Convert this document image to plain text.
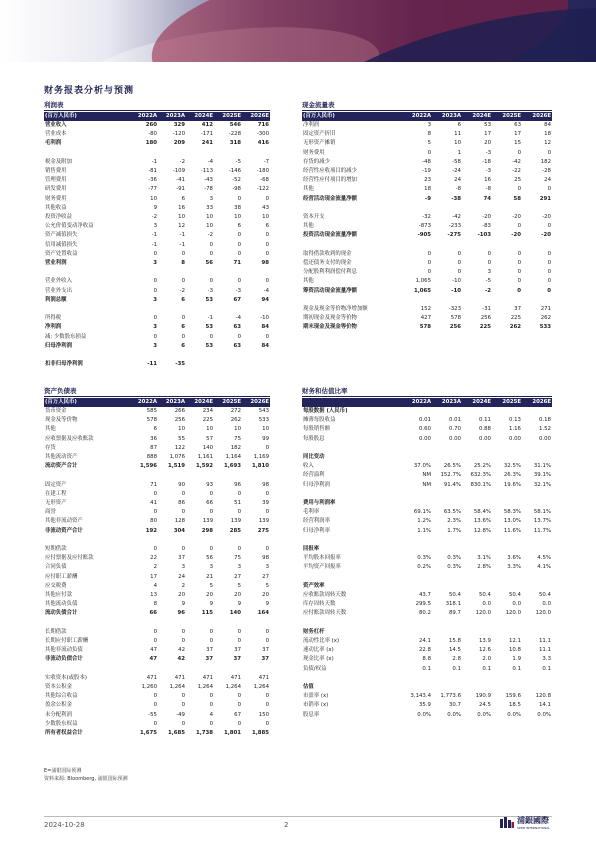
财务报表分析与预测
利润表
(百万人民币)	2022A	2023A	2024E	2025E	2026E
营业收入	260	329	412	546	716
营业成本	-80	-120	-171	-228	-300
毛利润	180	209	241	318	416

税金及附加	-1	-2	-4	-5	-7
销售费用	-81	-109	-113	-146	-180
管理费用	-36	-41	-43	-52	-68
研发费用	-77	-91	-78	-98	-122
财务费用	10	6	3	0	0
其他收益	9	16	33	38	43
投资净收益	-2	10	10	10	10
公允价值变动净收益	3	12	10	6	6
资产减值损失	-1	-1	-2	0	0
信用减值损失	-1	-1	0	0	0
资产处置收益	0	0	0	0	0
营业利润	3	8	56	71	98

营业外收入	0	0	0	0	0
营业外支出	0	-2	-3	-3	-4
利润总额	3	6	53	67	94

所得税	0	0	-1	-4	-10
净利润	3	6	53	63	84
减: 少数股东损益	0	0	0	0	0
归母净利润	3	6	53	63	84

扣非归母净利润	-11	-35			
现金流量表
(百万人民币)	2022A	2023A	2024E	2025E	2026E
净利润	3	6	53	63	84
固定资产折旧	8	11	17	17	18
无形资产摊销	5	10	20	15	12
财务费用	0	1	-3	0	0
存货的减少	-48	-58	-18	-42	182
经营性应收项目的减少	-19	-24	-3	-22	-28
经营性应付项目的增加	23	24	16	25	24
其他	18	-8	-8	0	0
经营活动现金流量净额	-9	-38	74	58	291

资本开支	-32	-42	-20	-20	-20
其他	-873	-233	-83	0	0
投资活动现金流量净额	-905	-275	-103	-20	-20

取得借款收到的现金	0	0	0	0	0
偿还债务支付的现金	0	0	0	0	0
分配股利利润偿付利息	0	0	3	0	0
其他	1,065	-10	-5	0	0
筹资活动现金流量净额	1,065	-10	-2	0	0

现金及现金等价物净增加额	152	-323	-31	37	271
期初现金及现金等价物	427	578	256	225	262
期末现金及现金等价物	578	256	225	262	533
资产负债表
(百万人民币)	2022A	2023A	2024E	2025E	2026E
货币资金	585	266	234	272	543
现金及等价物	578	256	225	262	533
其他	6	10	10	10	10
应收票据及应收账款	36	55	57	75	99
存货	87	122	140	182	0
其他流动资产	888	1,076	1,161	1,164	1,169
流动资产合计	1,596	1,519	1,592	1,693	1,810

固定资产	71	90	93	96	98
在建工程	0	0	0	0	0
无形资产	41	86	66	51	39
商誉	0	0	0	0	0
其他非流动资产	80	128	139	139	139
非流动资产合计	192	304	298	285	275

短期借款	0	0	0	0	0
应付票据及应付账款	22	37	56	75	98
合同负债	2	3	3	3	3
应付职工薪酬	17	24	21	27	27
应交税费	4	2	5	5	5
其他应付款	13	20	20	20	20
其他流动负债	8	9	9	9	9
流动负债合计	66	96	115	140	164

长期借款	0	0	0	0	0
长期应付职工薪酬	0	0	0	0	0
其他非流动负债	47	42	37	37	37
非流动负债合计	47	42	37	37	37

实收资本(或股本)	471	471	471	471	471
资本公积金	1,260	1,264	1,264	1,264	1,264
其他综合收益	0	0	0	0	0
盈余公积金	0	0	0	0	0
未分配利润	-55	-49	4	67	150
少数股东权益	0	0	0	0	0
所有者权益合计	1,675	1,685	1,738	1,801	1,885
财务和估值比率
	2022A	2023A	2024E	2025E	2026E
每股数据 (人民币)					
摊薄每股收益	0.01	0.01	0.11	0.13	0.18
每股销售额	0.60	0.70	0.88	1.16	1.52
每股股息	0.00	0.00	0.00	0.00	0.00

同比变动					
收入	37.0%	26.5%	25.2%	32.5%	31.1%
经营溢利	NM	152.7%	632.3%	26.3%	39.1%
归母净利润	NM	91.4%	830.1%	19.6%	32.1%

费用与利润率					
毛利率	69.1%	63.5%	58.4%	58.3%	58.1%
经营利润率	1.2%	2.3%	13.6%	13.0%	13.7%
归母净利率	1.1%	1.7%	12.8%	11.6%	11.7%

回报率					
平均股本回报率	0.3%	0.3%	3.1%	3.6%	4.5%
平均资产回报率	0.2%	0.3%	2.8%	3.3%	4.1%

资产效率					
应收账款周转天数	43.7	50.4	50.4	50.4	50.4
库存周转天数	299.5	318.1	0.0	0.0	0.0
应付账款周转天数	80.2	89.7	120.0	120.0	120.0

财务杠杆					
流动性比率 (x)	24.1	15.8	13.9	12.1	11.1
速动比率 (x)	22.8	14.5	12.6	10.8	11.1
现金比率 (x)	8.8	2.8	2.0	1.9	3.3
负债/权益	0.1	0.1	0.1	0.1	0.1

估值					
市盈率 (x)	3,143.4	1,773.6	190.9	159.6	120.8
市销率 (x)	35.9	30.7	24.5	18.5	14.1
股息率	0.0%	0.0%	0.0%	0.0%	0.0%
E=浦银国际预测
资料来源: Bloomberg, 浦银国际预测
2024-10-28	2	浦銀國際
SPDB INTERNATIONAL
